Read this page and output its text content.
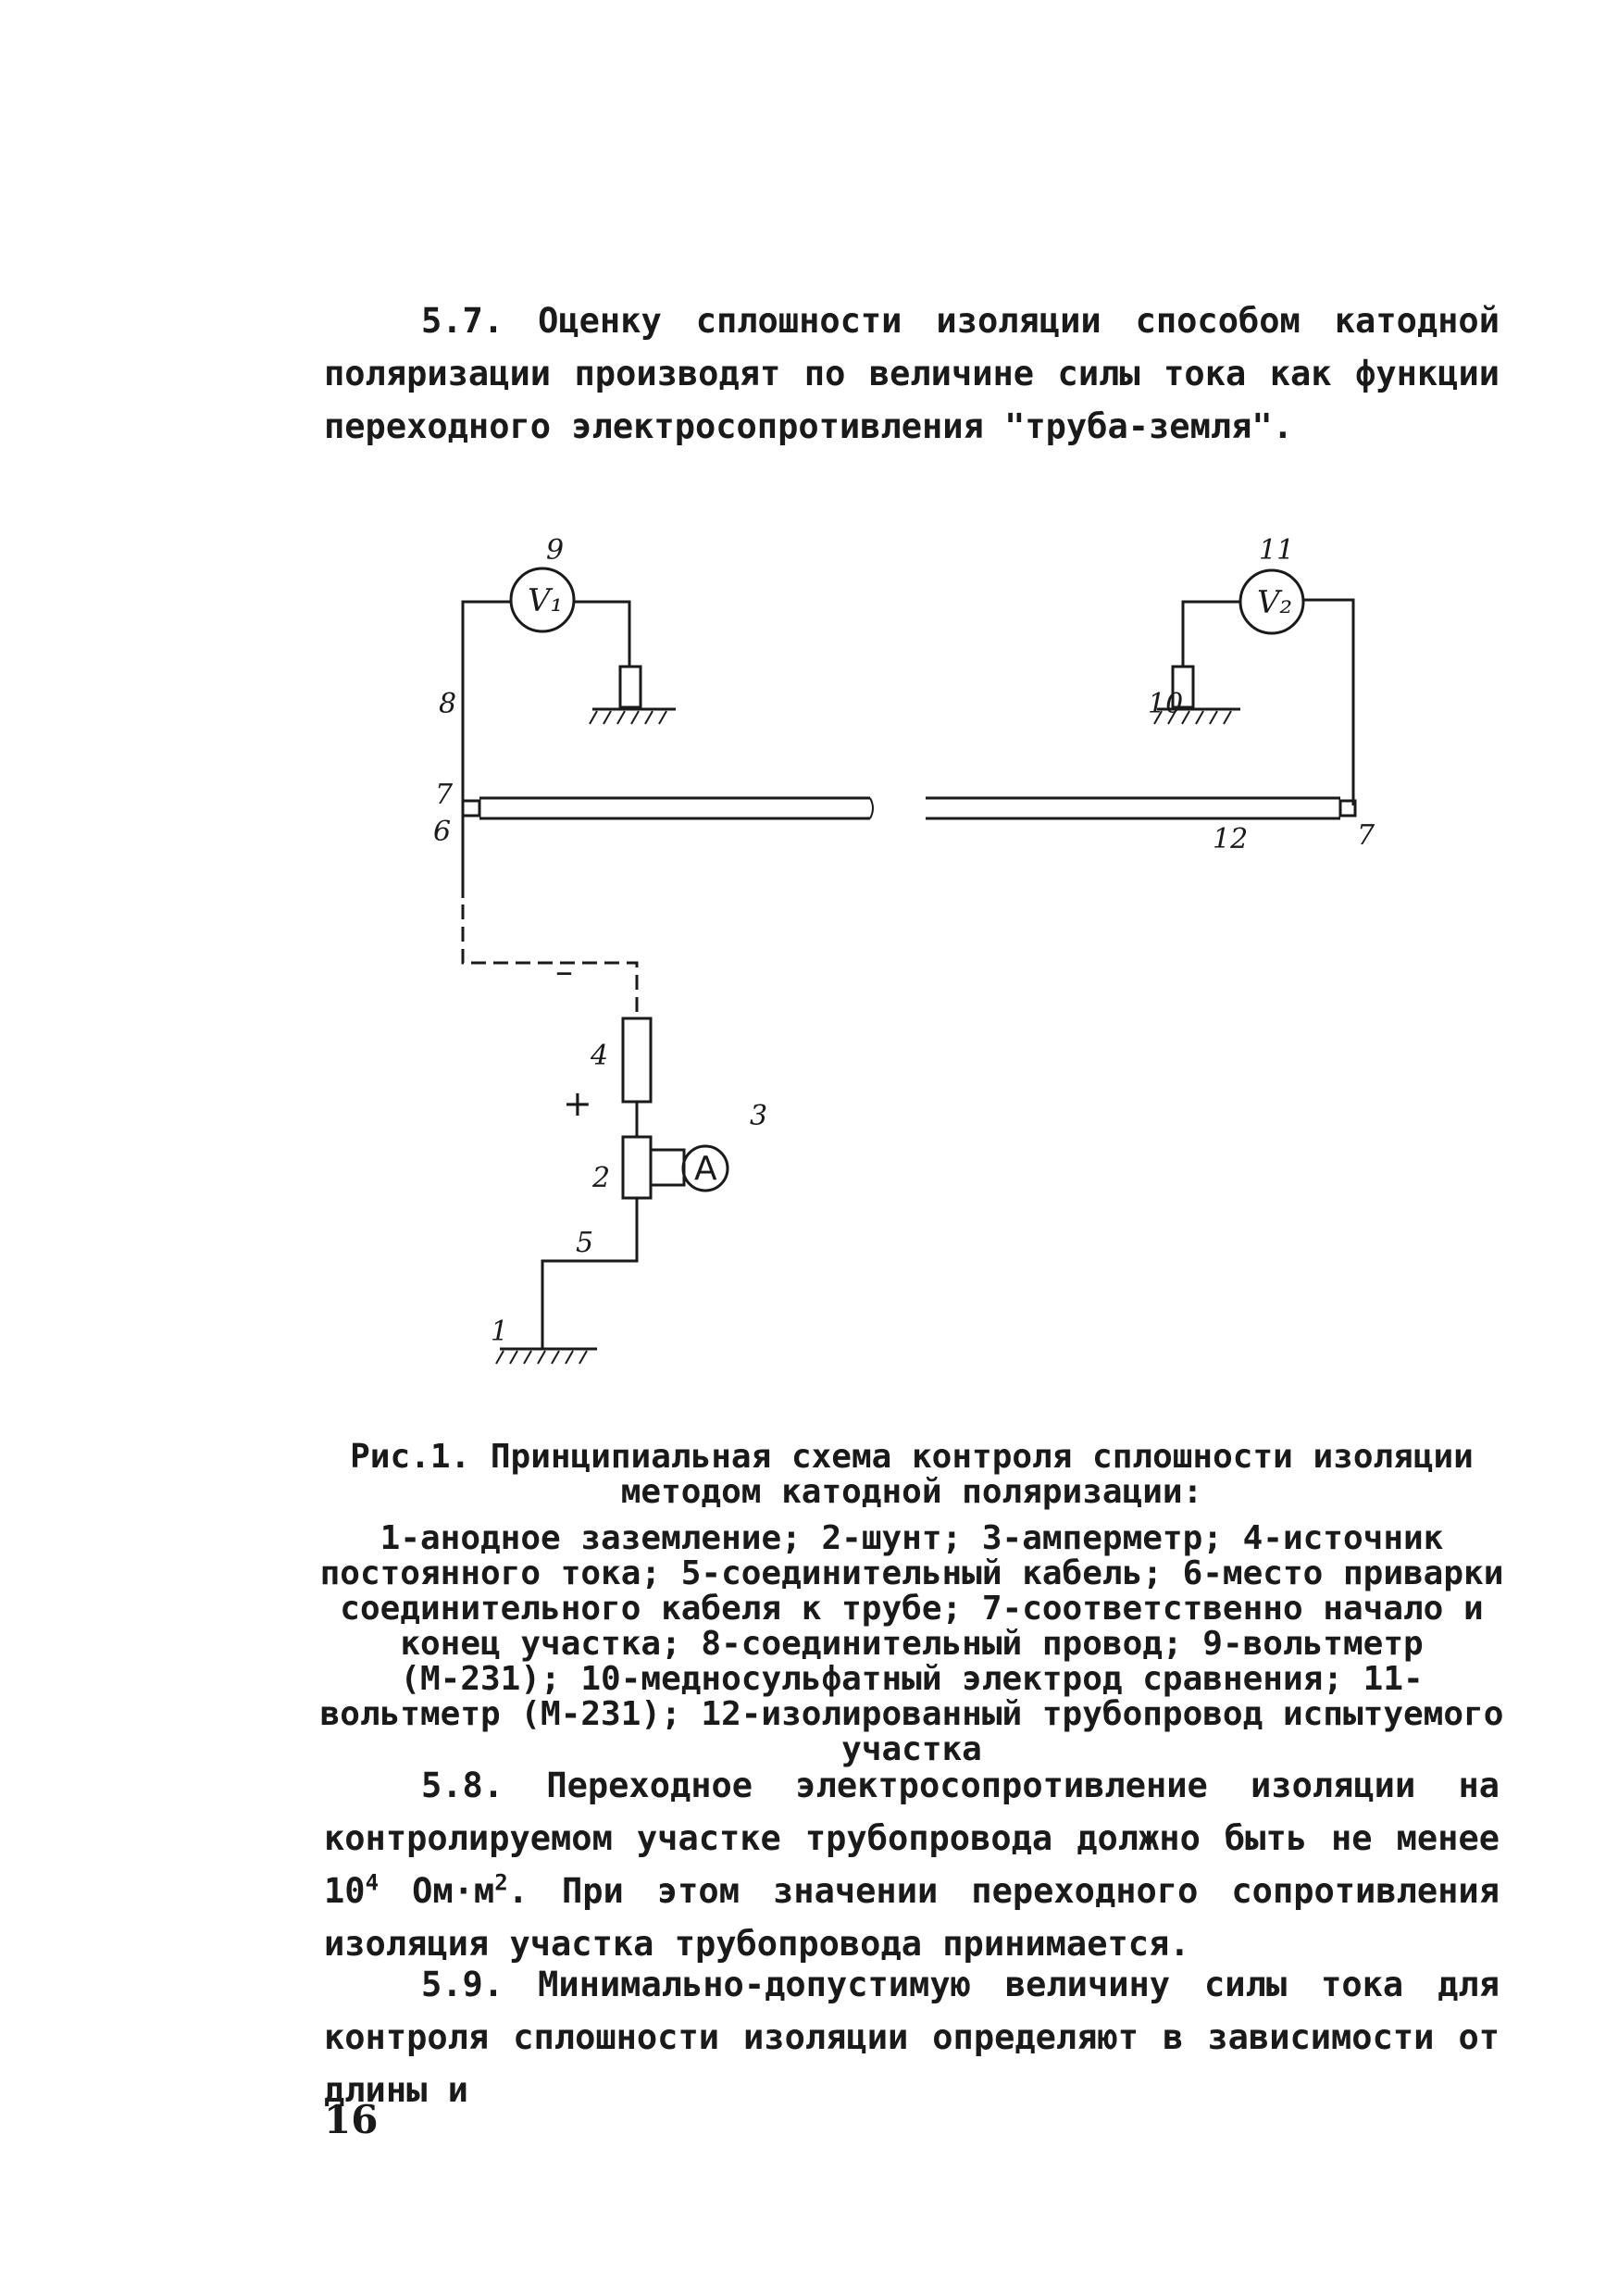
5.7. Оценку сплошности изоляции способом катодной поляризации производят по величине силы тока как функции переходного электросопротивления "труба-земля".

V₁	V₂
A
–
+
9	11
8	10
7
6	12	7
4
3
2
5
1

Рис.1. Принципиальная схема контроля сплошности изоляции методом катодной поляризации:

1-анодное заземление; 2-шунт; 3-амперметр; 4-источник постоянного тока; 5-соединительный кабель; 6-место приварки соединительного кабеля к трубе; 7-соответственно начало и конец участка; 8-соединительный провод; 9-вольтметр (М-231); 10-медносульфатный электрод сравнения; 11-вольтметр (М-231); 12-изолированный трубопровод испытуемого участка

5.8. Переходное электросопротивление изоляции на контролируемом участке трубопровода должно быть не менее $10^4$ $Ом\cdot м^2$. При этом значении переходного сопротивления изоляция участка трубопровода принимается.

5.9. Минимально-допустимую величину силы тока для контроля сплошности изоляции определяют в зависимости от длины и

16
